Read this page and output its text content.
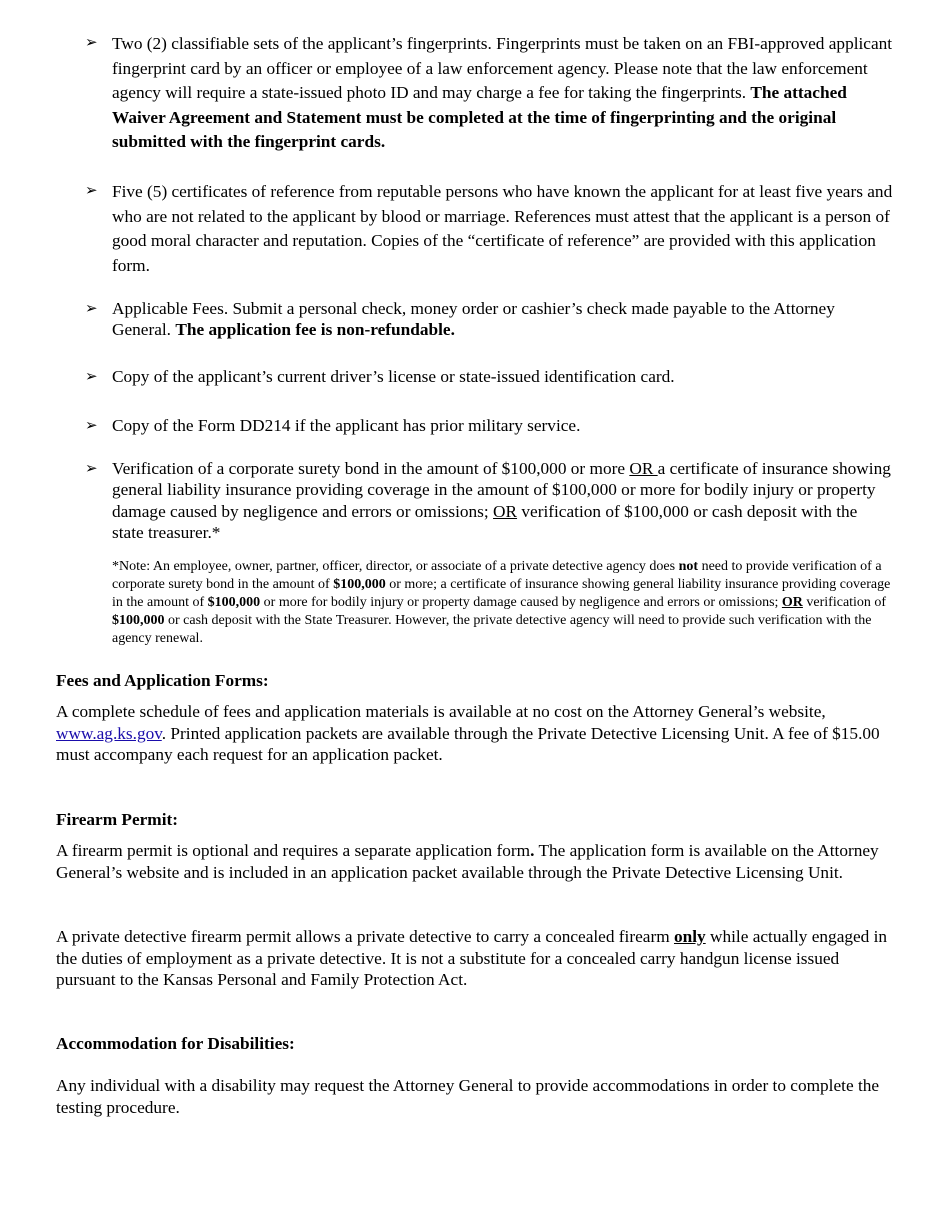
➢ Two (2) classifiable sets of the applicant’s fingerprints. Fingerprints must be taken on an FBI-approved applicant fingerprint card by an officer or employee of a law enforcement agency. Please note that the law enforcement agency will require a state-issued photo ID and may charge a fee for taking the fingerprints. The attached Waiver Agreement and Statement must be completed at the time of fingerprinting and the original submitted with the fingerprint cards.
➢ Five (5) certificates of reference from reputable persons who have known the applicant for at least five years and who are not related to the applicant by blood or marriage. References must attest that the applicant is a person of good moral character and reputation. Copies of the “certificate of reference” are provided with this application form.
➢ Applicable Fees. Submit a personal check, money order or cashier’s check made payable to the Attorney General. The application fee is non-refundable.
➢ Copy of the applicant’s current driver’s license or state-issued identification card.
➢ Copy of the Form DD214 if the applicant has prior military service.
➢ Verification of a corporate surety bond in the amount of $100,000 or more OR a certificate of insurance showing general liability insurance providing coverage in the amount of $100,000 or more for bodily injury or property damage caused by negligence and errors or omissions; OR verification of $100,000 or cash deposit with the state treasurer.*
*Note: An employee, owner, partner, officer, director, or associate of a private detective agency does not need to provide verification of a corporate surety bond in the amount of $100,000 or more; a certificate of insurance showing general liability insurance providing coverage in the amount of $100,000 or more for bodily injury or property damage caused by negligence and errors or omissions; OR verification of $100,000 or cash deposit with the State Treasurer. However, the private detective agency will need to provide such verification with the agency renewal.
Fees and Application Forms:
A complete schedule of fees and application materials is available at no cost on the Attorney General’s website, www.ag.ks.gov. Printed application packets are available through the Private Detective Licensing Unit. A fee of $15.00 must accompany each request for an application packet.
Firearm Permit:
A firearm permit is optional and requires a separate application form. The application form is available on the Attorney General’s website and is included in an application packet available through the Private Detective Licensing Unit.
A private detective firearm permit allows a private detective to carry a concealed firearm only while actually engaged in the duties of employment as a private detective. It is not a substitute for a concealed carry handgun license issued pursuant to the Kansas Personal and Family Protection Act.
Accommodation for Disabilities:
Any individual with a disability may request the Attorney General to provide accommodations in order to complete the testing procedure.
